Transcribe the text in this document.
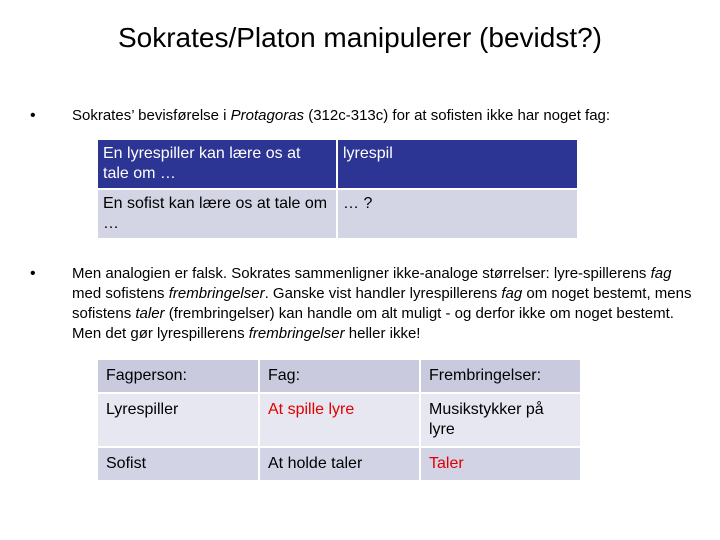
Sokrates/Platon manipulerer (bevidst?)
• Sokrates’ bevisførelse i Protagoras (312c-313c) for at sofisten ikke har noget fag:
En lyrespiller kan lære os at tale om …	lyrespil
En sofist kan lære os at tale om …	… ?
• Men analogien er falsk. Sokrates sammenligner ikke-analoge størrelser: lyre-spillerens fag med sofistens frembringelser. Ganske vist handler lyrespillerens fag om noget bestemt, mens sofistens taler (frembringelser) kan handle om alt muligt - og derfor ikke om noget bestemt. Men det gør lyrespillerens frembringelser heller ikke!
Fagperson:	Fag:	Frembringelser:
Lyrespiller	At spille lyre	Musikstykker på lyre
Sofist	At holde taler	Taler
